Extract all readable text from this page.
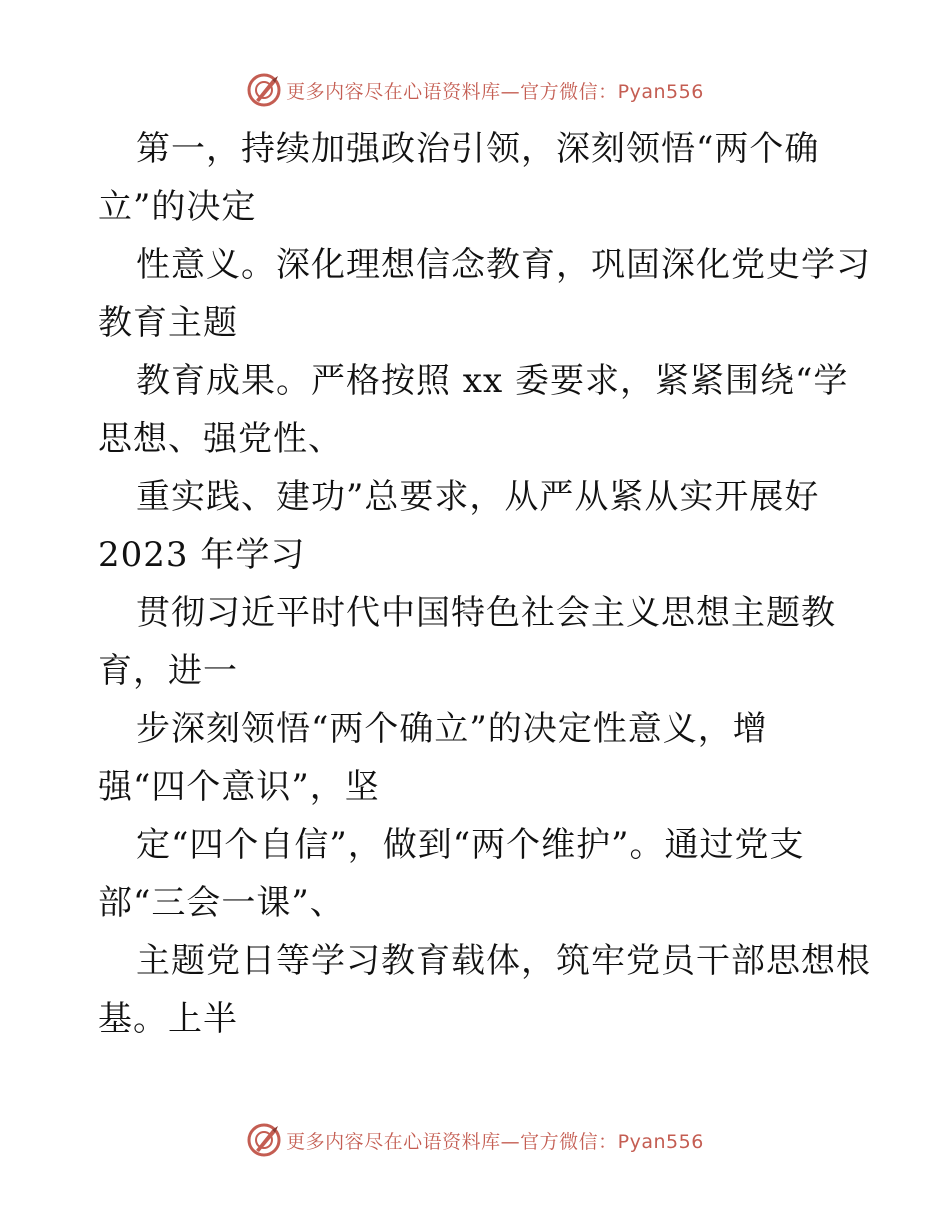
更多内容尽在心语资料库—官方微信：Pyan556
第一，持续加强政治引领，深刻领悟“两个确
立”的决定
性意义。深化理想信念教育，巩固深化党史学习
教育主题
教育成果。严格按照 xx 委要求，紧紧围绕“学
思想、强党性、
重实践、建功”总要求，从严从紧从实开展好
2023 年学习
贯彻习近平时代中国特色社会主义思想主题教
育，进一
步深刻领悟“两个确立”的决定性意义，增
强“四个意识”，坚
定“四个自信”，做到“两个维护”。通过党支
部“三会一课”、
主题党日等学习教育载体，筑牢党员干部思想根
基。上半
更多内容尽在心语资料库—官方微信：Pyan556
